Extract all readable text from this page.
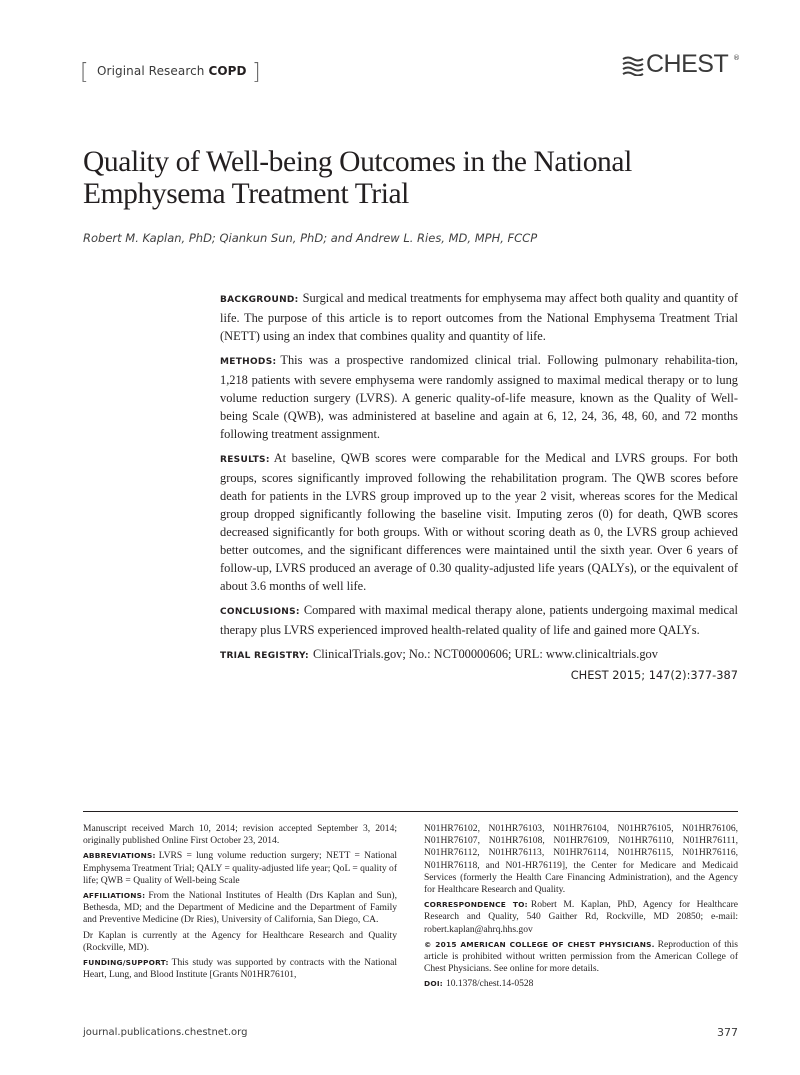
[ Original Research COPD ]	CHEST ®
Quality of Well-being Outcomes in the National Emphysema Treatment Trial
Robert M. Kaplan, PhD; Qiankun Sun, PhD; and Andrew L. Ries, MD, MPH, FCCP

BACKGROUND: Surgical and medical treatments for emphysema may affect both quality and quantity of life. The purpose of this article is to report outcomes from the National Emphysema Treatment Trial (NETT) using an index that combines quality and quantity of life.

METHODS: This was a prospective randomized clinical trial. Following pulmonary rehabilita-tion, 1,218 patients with severe emphysema were randomly assigned to maximal medical therapy or to lung volume reduction surgery (LVRS). A generic quality-of-life measure, known as the Quality of Well-being Scale (QWB), was administered at baseline and again at 6, 12, 24, 36, 48, 60, and 72 months following treatment assignment.

RESULTS: At baseline, QWB scores were comparable for the Medical and LVRS groups. For both groups, scores significantly improved following the rehabilitation program. The QWB scores before death for patients in the LVRS group improved up to the year 2 visit, whereas scores for the Medical group dropped significantly following the baseline visit. Imputing zeros (0) for death, QWB scores decreased significantly for both groups. With or without scoring death as 0, the LVRS group achieved better outcomes, and the significant differences were maintained until the sixth year. Over 6 years of follow-up, LVRS produced an average of 0.30 quality-adjusted life years (QALYs), or the equivalent of about 3.6 months of well life.

CONCLUSIONS: Compared with maximal medical therapy alone, patients undergoing maximal medical therapy plus LVRS experienced improved health-related quality of life and gained more QALYs.

TRIAL REGISTRY: ClinicalTrials.gov; No.: NCT00000606; URL: www.clinicaltrials.gov

CHEST 2015; 147(2):377-387

Manuscript received March 10, 2014; revision accepted September 3, 2014; originally published Online First October 23, 2014.

ABBREVIATIONS: LVRS = lung volume reduction surgery; NETT = National Emphysema Treatment Trial; QALY = quality-adjusted life year; QoL = quality of life; QWB = Quality of Well-being Scale

AFFILIATIONS: From the National Institutes of Health (Drs Kaplan and Sun), Bethesda, MD; and the Department of Medicine and the Department of Family and Preventive Medicine (Dr Ries), University of California, San Diego, CA.

Dr Kaplan is currently at the Agency for Healthcare Research and Quality (Rockville, MD).

FUNDING/SUPPORT: This study was supported by contracts with the National Heart, Lung, and Blood Institute [Grants N01HR76101,

N01HR76102, N01HR76103, N01HR76104, N01HR76105, N01HR76106, N01HR76107, N01HR76108, N01HR76109, N01HR76110, N01HR76111, N01HR76112, N01HR76113, N01HR76114, N01HR76115, N01HR76116, N01HR76118, and N01-HR76119], the Center for Medicare and Medicaid Services (formerly the Health Care Financing Administration), and the Agency for Healthcare Research and Quality.

CORRESPONDENCE TO: Robert M. Kaplan, PhD, Agency for Healthcare Research and Quality, 540 Gaither Rd, Rockville, MD 20850; e-mail: robert.kaplan@ahrq.hhs.gov

© 2015 AMERICAN COLLEGE OF CHEST PHYSICIANS. Reproduction of this article is prohibited without written permission from the American College of Chest Physicians. See online for more details.

DOI: 10.1378/chest.14-0528

journal.publications.chestnet.org	377
